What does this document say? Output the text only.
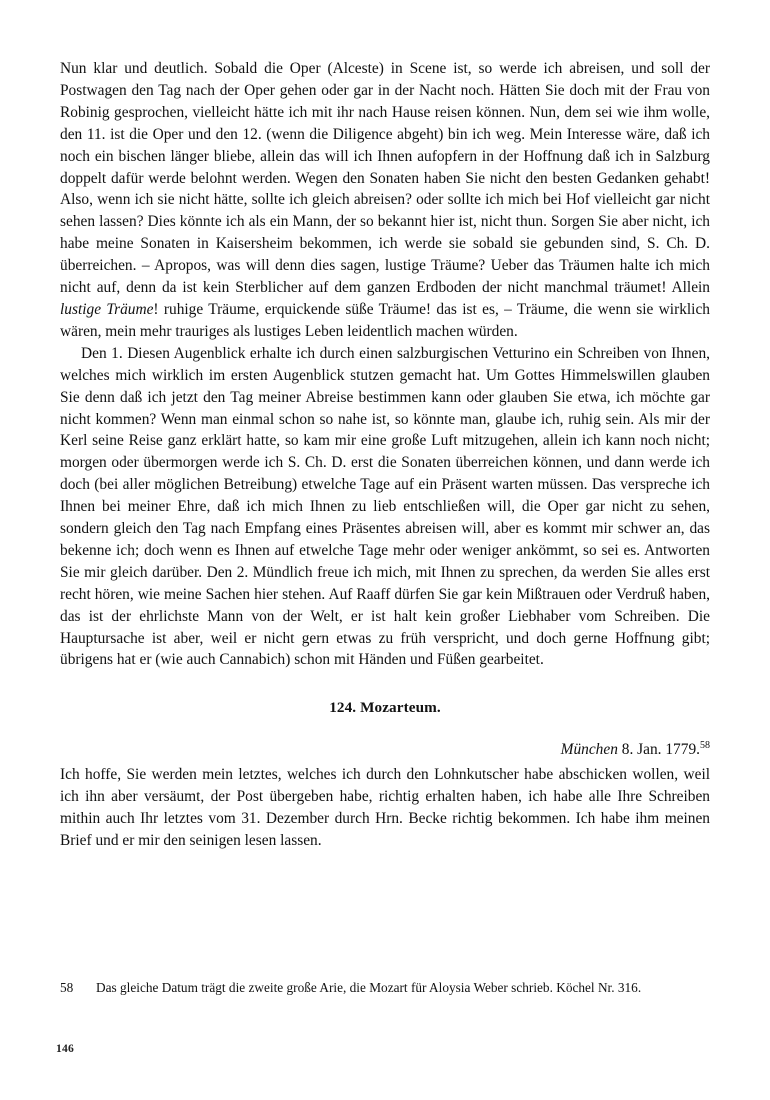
Nun klar und deutlich. Sobald die Oper (Alceste) in Scene ist, so werde ich abreisen, und soll der Postwagen den Tag nach der Oper gehen oder gar in der Nacht noch. Hätten Sie doch mit der Frau von Robinig gesprochen, vielleicht hätte ich mit ihr nach Hause reisen können. Nun, dem sei wie ihm wolle, den 11. ist die Oper und den 12. (wenn die Diligence abgeht) bin ich weg. Mein Interesse wäre, daß ich noch ein bischen länger bliebe, allein das will ich Ihnen aufopfern in der Hoffnung daß ich in Salzburg doppelt dafür werde belohnt werden. Wegen den Sonaten haben Sie nicht den besten Gedanken gehabt! Also, wenn ich sie nicht hätte, sollte ich gleich abreisen? oder sollte ich mich bei Hof vielleicht gar nicht sehen lassen? Dies könnte ich als ein Mann, der so bekannt hier ist, nicht thun. Sorgen Sie aber nicht, ich habe meine Sonaten in Kaisersheim bekommen, ich werde sie sobald sie gebunden sind, S. Ch. D. überreichen. – Apropos, was will denn dies sagen, lustige Träume? Ueber das Träumen halte ich mich nicht auf, denn da ist kein Sterblicher auf dem ganzen Erdboden der nicht manchmal träumet! Allein lustige Träume! ruhige Träume, erquickende süße Träume! das ist es, – Träume, die wenn sie wirklich wären, mein mehr trauriges als lustiges Leben leidentlich machen würden.

Den 1. Diesen Augenblick erhalte ich durch einen salzburgischen Vetturino ein Schreiben von Ihnen, welches mich wirklich im ersten Augenblick stutzen gemacht hat. Um Gottes Himmelswillen glauben Sie denn daß ich jetzt den Tag meiner Abreise bestimmen kann oder glauben Sie etwa, ich möchte gar nicht kommen? Wenn man einmal schon so nahe ist, so könnte man, glaube ich, ruhig sein. Als mir der Kerl seine Reise ganz erklärt hatte, so kam mir eine große Luft mitzugehen, allein ich kann noch nicht; morgen oder übermorgen werde ich S. Ch. D. erst die Sonaten überreichen können, und dann werde ich doch (bei aller möglichen Betreibung) etwelche Tage auf ein Präsent warten müssen. Das verspreche ich Ihnen bei meiner Ehre, daß ich mich Ihnen zu lieb entschließen will, die Oper gar nicht zu sehen, sondern gleich den Tag nach Empfang eines Präsentes abreisen will, aber es kommt mir schwer an, das bekenne ich; doch wenn es Ihnen auf etwelche Tage mehr oder weniger ankömmt, so sei es. Antworten Sie mir gleich darüber. Den 2. Mündlich freue ich mich, mit Ihnen zu sprechen, da werden Sie alles erst recht hören, wie meine Sachen hier stehen. Auf Raaff dürfen Sie gar kein Mißtrauen oder Verdruß haben, das ist der ehrlichste Mann von der Welt, er ist halt kein großer Liebhaber vom Schreiben. Die Hauptursache ist aber, weil er nicht gern etwas zu früh verspricht, und doch gerne Hoffnung gibt; übrigens hat er (wie auch Cannabich) schon mit Händen und Füßen gearbeitet.

124. Mozarteum.

München 8. Jan. 1779.58

Ich hoffe, Sie werden mein letztes, welches ich durch den Lohnkutscher habe abschicken wollen, weil ich ihn aber versäumt, der Post übergeben habe, richtig erhalten haben, ich habe alle Ihre Schreiben mithin auch Ihr letztes vom 31. Dezember durch Hrn. Becke richtig bekommen. Ich habe ihm meinen Brief und er mir den seinigen lesen lassen.

58	Das gleiche Datum trägt die zweite große Arie, die Mozart für Aloysia Weber schrieb. Köchel Nr. 316.
146
